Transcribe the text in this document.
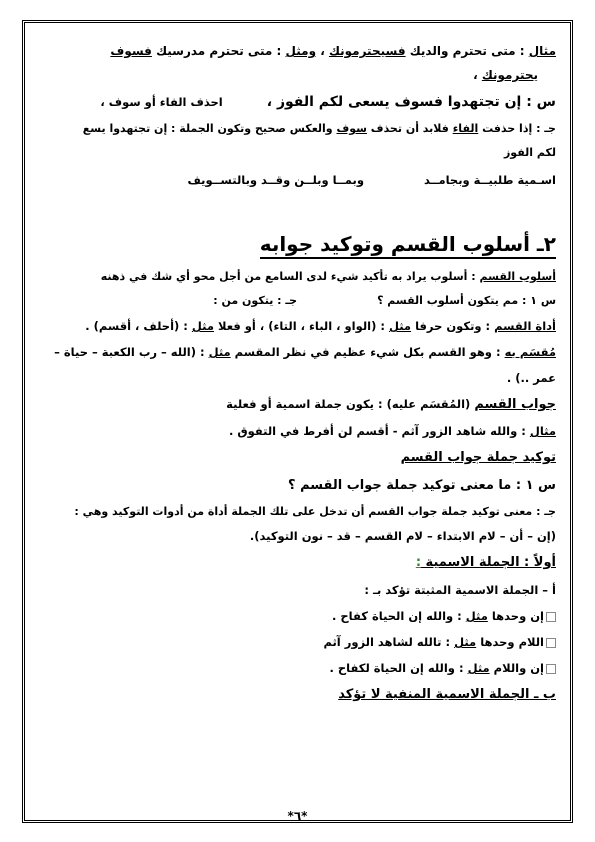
مثال : متى تحترم والديك فسيحترمونك ، ومثل : متى تحترم مدرسيك فسوف
يحترمونك ،
س : إن تجتهدوا فسوف يسعى لكم الفوز ،احذف الفاء أو سوف ،
جـ : إذا حذفت الفاء فلابد أن تحذف سوف والعكس صحيح وتكون الجملة : إن تجتهدوا يسع
لكم الفوز
اسـمية طلبيــة وبجامــدوبمــا وبلــن وقــد وبالتســويف
٢ـ أسلوب القسم وتوكيد جوابه
أسلوب القسم : أسلوب يراد به تأكيد شيء لدى السامع من أجل محو أي شك في ذهنه
س ١ : مم يتكون أسلوب القسم ؟جـ : يتكون من :
أداة القسم : وتكون حرفا مثل : (الواو ، الباء ، التاء) ، أو فعلا مثل : (أحلف ، أقسم) .
مُقسَم به : وهو القسم بكل شيء عظيم في نظر المقسم مثل : (الله – رب الكعبة – حياة –
عمر ..) .
جواب القسم (المُقسَم عليه) : يكون جملة اسمية أو فعلية
مثال : والله شاهد الزور آثم - أقسم لن أفرط في التفوق .
توكيد جملة جواب القسم
س ١ : ما معنى توكيد جملة جواب القسم ؟
جـ : معنى توكيد جملة جواب القسم أن تدخل على تلك الجملة أداة من أدوات التوكيد وهي :
(إن – أن – لام الابتداء – لام القسم – قد – نون التوكيد).
أولاً : الجملة الاسمية :
أ – الجملة الاسمية المثبتة تؤكد بـ :
إن وحدها مثل : والله إن الحياة كفاح .
اللام وحدها مثل : تالله لشاهد الزور آثم
إن واللام مثل : والله إن الحياة لكفاح .
ب ـ الجملة الاسمية المنفية لا تؤكد
*٦*
